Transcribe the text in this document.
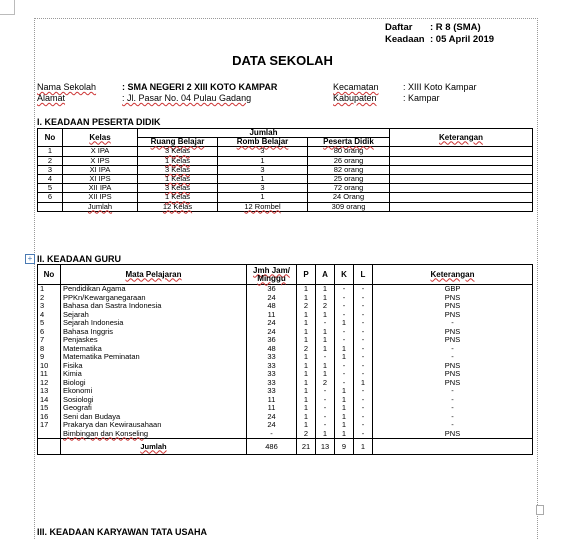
Daftar	: R 8 (SMA)
Keadaan : 05 April 2019
DATA SEKOLAH
Nama Sekolah	: SMA NEGERI 2 XIII KOTO KAMPAR
Alamat	: Jl. Pasar No. 04 Pulau Gadang
Kecamatan	: XIII Koto Kampar
Kabupaten	: Kampar
I. KEADAAN PESERTA DIDIK
No	Kelas	Jumlah			Keterangan
		Ruang Belajar	Romb Belajar	Peserta Didik	
1	X IPA	3 Kelas	3	80 orang	
2	X IPS	1 Kelas	1	26 orang	
3	XI IPA	3 Kelas	3	82 orang	
4	XI IPS	1 Kelas	1	25 orang	
5	XII IPA	3 Kelas	3	72 orang	
6	XII IPS	1 Kelas	1	24 Orang	
	Jumlah	12 Kelas	12 Rombel	309 orang	
+ II. KEADAAN GURU
No	Mata Pelajaran	Jmh Jam/ Minggu	P	A	K	L	Keterangan
1	Pendidikan Agama	36	1	1	-	-	GBP
2	PPKn/Kewarganegaraan	24	1	1	-	-	PNS
3	Bahasa dan Sastra Indonesia	48	2	2	-	-	PNS
4	Sejarah	11	1	1	-	-	PNS
5	Sejarah Indonesia	24	1	-	1	-	-
6	Bahasa Inggris	24	1	1	-	-	PNS
7	Penjaskes	36	1	1	-	-	PNS
8	Matematika	48	2	1	1	-	-
9	Matematika Peminatan	33	1	-	1	-	-
10	Fisika	33	1	1	-	-	PNS
11	Kimia	33	1	1	-	-	PNS
12	Biologi	33	1	2	-	1	PNS
13	Ekonomi	33	1	-	1	-	-
14	Sosiologi	11	1	-	1	-	-
15	Geografi	11	1	-	1	-	-
16	Seni dan Budaya	24	1	-	1	-	-
17	Prakarya dan Kewirausahaan	24	1	-	1	-	-
	Bimbingan dan Konseling	-	2	1	1	-	PNS
	Jumlah	486	21	13	9	1	
III. KEADAAN KARYAWAN TATA USAHA
